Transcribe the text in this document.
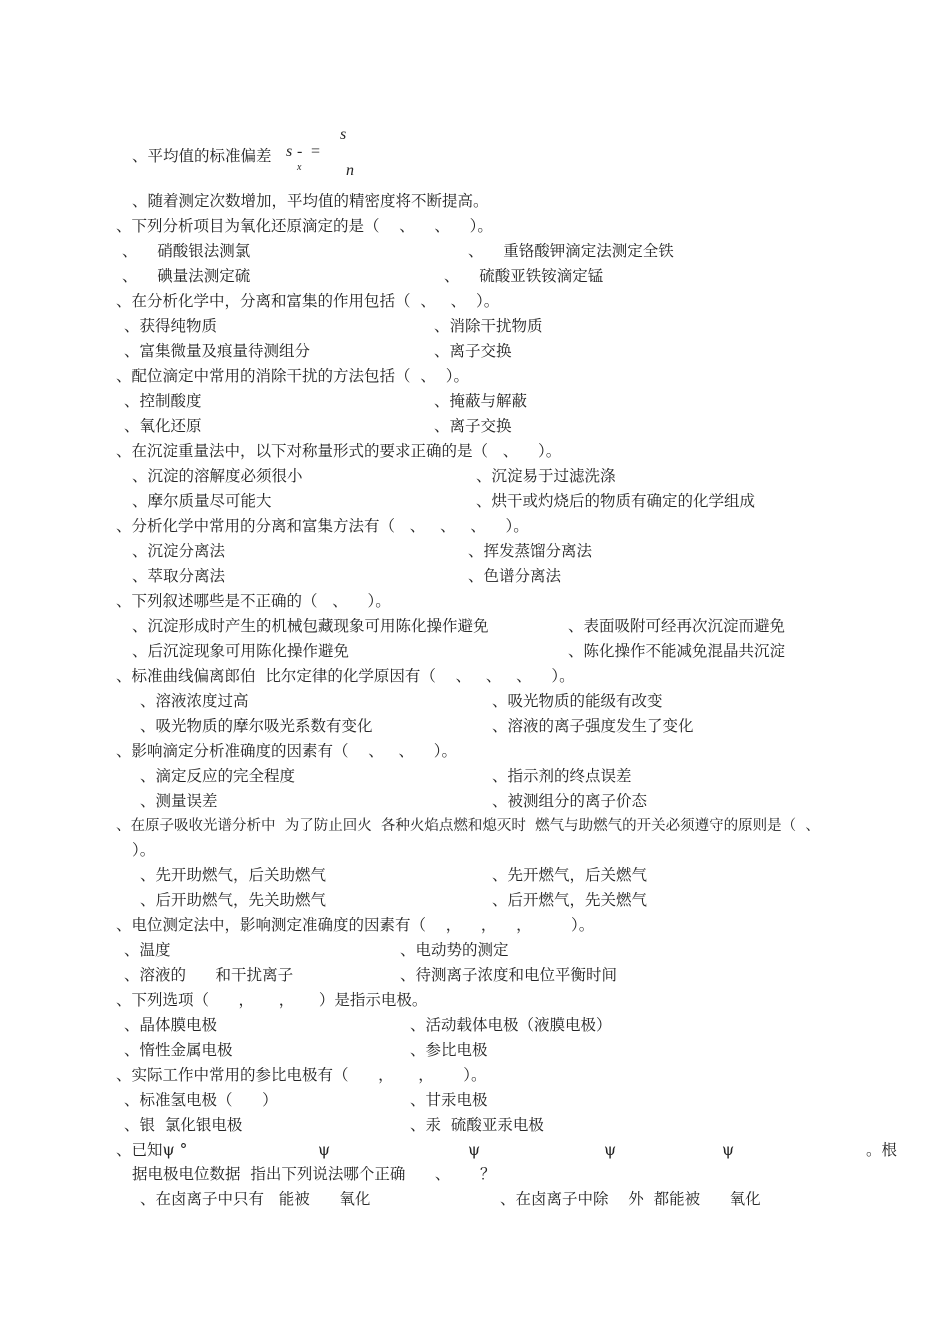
s -
x
=
s
n
、平均值的标准偏差
、随着测定次数增加，平均值的精密度将不断提高。
、下列分析项目为氧化还原滴定的是（    、    、    ）。
、    硝酸银法测氯	、    重铬酸钾滴定法测定全铁
、    碘量法测定硫	、    硫酸亚铁铵滴定锰
、在分析化学中，分离和富集的作用包括（  、   、  ）。
、获得纯物质	、消除干扰物质
、富集微量及痕量待测组分	、离子交换
、配位滴定中常用的消除干扰的方法包括（  、  ）。
、控制酸度	、掩蔽与解蔽
、氧化还原	、离子交换
、在沉淀重量法中，以下对称量形式的要求正确的是（   、    ）。
、沉淀的溶解度必须很小	、沉淀易于过滤洗涤
、摩尔质量尽可能大	、烘干或灼烧后的物质有确定的化学组成
、分析化学中常用的分离和富集方法有（   、   、   、    ）。
、沉淀分离法	、挥发蒸馏分离法
、萃取分离法	、色谱分离法
、下列叙述哪些是不正确的（   、    ）。
、沉淀形成时产生的机械包藏现象可用陈化操作避免	、表面吸附可经再次沉淀而避免
、后沉淀现象可用陈化操作避免	、陈化操作不能减免混晶共沉淀
、标准曲线偏离郎伯  比尔定律的化学原因有（    、   、   、    ）。
、溶液浓度过高	、吸光物质的能级有改变
、吸光物质的摩尔吸光系数有变化	、溶液的离子强度发生了变化
、影响滴定分析准确度的因素有（    、   、    ）。
、滴定反应的完全程度	、指示剂的终点误差
、测量误差	、被测组分的离子价态
、在原子吸收光谱分析中  为了防止回火  各种火焰点燃和熄灭时  燃气与助燃气的开关必须遵守的原则是（  、
）。
、先开助燃气，后关助燃气	、先开燃气，后关燃气
、后开助燃气，先关助燃气	、后开燃气，先关燃气
、电位测定法中，影响测定准确度的因素有（    ，    ，    ，        ）。
、温度	、电动势的测定
、溶液的      和干扰离子	、待测离子浓度和电位平衡时间
、下列选项（      ，     ，     ）是指示电极。
、晶体膜电极	、活动载体电极（液膜电极）
、惰性金属电极	、参比电极
、实际工作中常用的参比电极有（      ，     ，      ）。
、标准氢电极（      ）	、甘汞电极
、银  氯化银电极	、汞  硫酸亚汞电极
、已知ψ °	ψ	ψ	ψ	ψ	。根
据电极电位数据  指出下列说法哪个正确      、      ？
、在卤离子中只有   能被      氧化	、在卤离子中除    外  都能被      氧化
